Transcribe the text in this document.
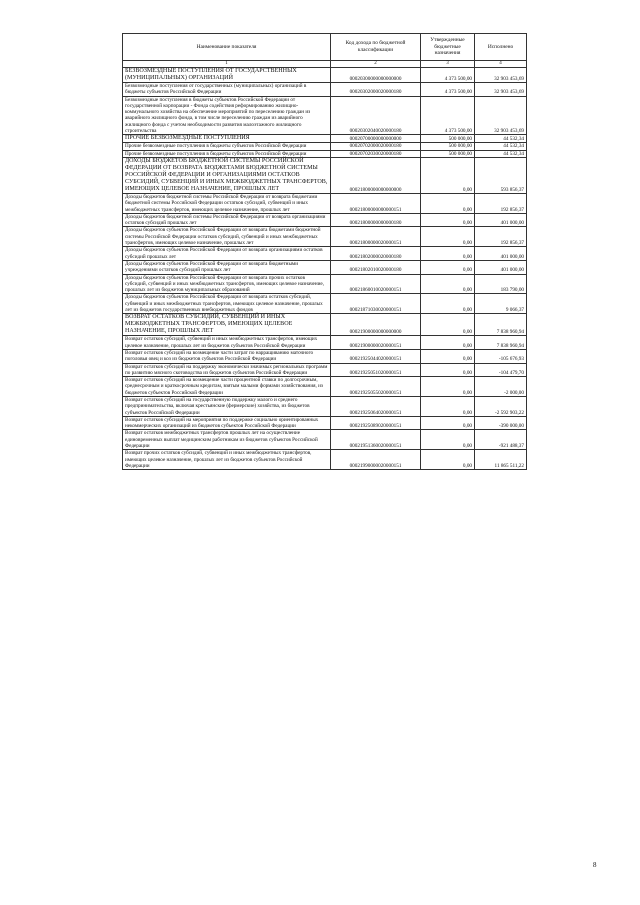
Наименование показателя	Код дохода по бюджетной классификации	Утвержденные бюджетные назначения	Исполнено
1	2	3	4
БЕЗВОЗМЕЗДНЫЕ ПОСТУПЛЕНИЯ ОТ ГОСУДАРСТВЕННЫХ (МУНИЦИПАЛЬНЫХ) ОРГАНИЗАЦИЙ	00020300000000000000	4 373 500,00	32 903 453,69
Безвозмездные поступления от государственных (муниципальных) организаций в бюджеты субъектов Российской Федерации	00020302000020000180	4 373 500,00	32 903 453,69
Безвозмездные поступления в бюджеты субъектов Российской Федерации от государственной корпорации - Фонда содействия реформированию жилищно-коммунального хозяйства на обеспечение мероприятий по переселению граждан из аварийного жилищного фонда, в том числе переселению граждан из аварийного жилищного фонда с учетом необходимости развития малоэтажного жилищного строительства	00020302040020000180	4 373 500,00	32 903 453,69
ПРОЧИЕ БЕЗВОЗМЕЗДНЫЕ ПОСТУПЛЕНИЯ	00020700000000000000	500 000,00	44 532,34
Прочие безвозмездные поступления в бюджеты субъектов Российской Федерации	00020702000020000180	500 000,00	44 532,34
Прочие безвозмездные поступления в бюджеты субъектов Российской Федерации	00020702030020000180	500 000,00	44 532,34
ДОХОДЫ БЮДЖЕТОВ БЮДЖЕТНОЙ СИСТЕМЫ РОССИЙСКОЙ ФЕДЕРАЦИИ ОТ ВОЗВРАТА БЮДЖЕТАМИ БЮДЖЕТНОЙ СИСТЕМЫ РОССИЙСКОЙ ФЕДЕРАЦИИ И ОРГАНИЗАЦИЯМИ ОСТАТКОВ СУБСИДИЙ, СУБВЕНЦИЙ И ИНЫХ МЕЖБЮДЖЕТНЫХ ТРАНСФЕРТОВ, ИМЕЮЩИХ ЦЕЛЕВОЕ НАЗНАЧЕНИЕ, ПРОШЛЫХ ЛЕТ	00021800000000000000	0,00	593 856,37
Доходы бюджетов бюджетной системы Российской Федерации от возврата бюджетами бюджетной системы Российской Федерации остатков субсидий, субвенций и иных межбюджетных трансфертов, имеющих целевое назначение, прошлых лет	00021800000000000151	0,00	192 856,37
Доходы бюджетов бюджетной системы Российской Федерации от возврата организациями остатков субсидий прошлых лет	00021800000000000180	0,00	401 000,00
Доходы бюджетов субъектов Российской Федерации от возврата бюджетами бюджетной системы Российской Федерации остатков субсидий, субвенций и иных межбюджетных трансфертов, имеющих целевое назначение, прошлых лет	00021800000020000151	0,00	192 856,37
Доходы бюджетов субъектов Российской Федерации от возврата организациями остатков субсидий прошлых лет	00021802000020000180	0,00	401 000,00
Доходы бюджетов субъектов Российской Федерации от возврата бюджетными учреждениями остатков субсидий прошлых лет	00021802010020000180	0,00	401 000,00
Доходы бюджетов субъектов Российской Федерации от возврата прочих остатков субсидий, субвенций и иных межбюджетных трансфертов, имеющих целевое назначение, прошлых лет из бюджетов муниципальных образований	00021860010020000151	0,00	183 790,00
Доходы бюджетов субъектов Российской Федерации от возврата остатков субсидий, субвенций и иных межбюджетных трансфертов, имеющих целевое назначение, прошлых лет из бюджетов государственных внебюджетных фондов	00021871030020000151	0,00	9 066,37
ВОЗВРАТ ОСТАТКОВ СУБСИДИЙ, СУБВЕНЦИЙ И ИНЫХ МЕЖБЮДЖЕТНЫХ ТРАНСФЕРТОВ, ИМЕЮЩИХ ЦЕЛЕВОЕ НАЗНАЧЕНИЕ, ПРОШЛЫХ ЛЕТ	00021900000000000000	0,00	7 838 960,94
Возврат остатков субсидий, субвенций и иных межбюджетных трансфертов, имеющих целевое назначение, прошлых лет из бюджетов субъектов Российской Федерации	00021900000020000151	0,00	7 838 960,94
Возврат остатков субсидий на возмещение части затрат по нарращиванию маточного поголовья овец и коз из бюджетов субъектов Российской Федерации	00021925044020000151	0,00	-105 676,93
Возврат остатков субсидий на поддержку экономически значимых региональных программ по развитию мясного скотоводства из бюджетов субъектов Российской Федерации	00021925051020000151	0,00	-104 479,70
Возврат остатков субсидий на возмещение части процентной ставки по долгосрочным, среднесрочным и краткосрочным кредитам, взятым малыми формами хозяйствования, из бюджетов субъектов Российской Федерации	00021925055020000151	0,00	-2 000,00
Возврат остатков субсидий на государственную поддержку малого и среднего предпринимательства, включая крестьянские (фермерские) хозяйства, из бюджетов субъектов Российской Федерации	00021925064020000151	0,00	-2 592 903,22
Возврат остатков субсидий на мероприятия по поддержке социально ориентированных некоммерческих организаций из бюджетов субъектов Российской Федерации	00021925089020000151	0,00	-390 000,00
Возврат остатков межбюджетных трансфертов прошлых лет на осуществление единовременных выплат медицинским работникам из бюджетов субъектов Российской Федерации	00021951360020000151	0,00	-921 488,37
Возврат прочих остатков субсидий, субвенций и иных межбюджетных трансфертов, имеющих целевое назначение, прошлых лет из бюджетов субъектов Российской Федерации	00021990000020000151	0,00	11 865 511,22
8
